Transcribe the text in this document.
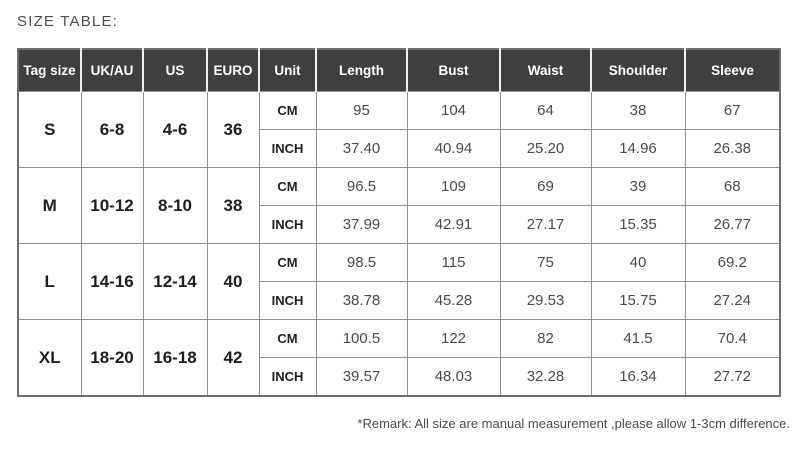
SIZE TABLE:
Tag size	UK/AU	US	EURO	Unit	Length	Bust	Waist	Shoulder	Sleeve
S	6-8	4-6	36	CM	95	104	64	38	67
				INCH	37.40	40.94	25.20	14.96	26.38
M	10-12	8-10	38	CM	96.5	109	69	39	68
				INCH	37.99	42.91	27.17	15.35	26.77
L	14-16	12-14	40	CM	98.5	115	75	40	69.2
				INCH	38.78	45.28	29.53	15.75	27.24
XL	18-20	16-18	42	CM	100.5	122	82	41.5	70.4
				INCH	39.57	48.03	32.28	16.34	27.72
*Remark: All size are manual measurement ,please allow 1-3cm difference.
